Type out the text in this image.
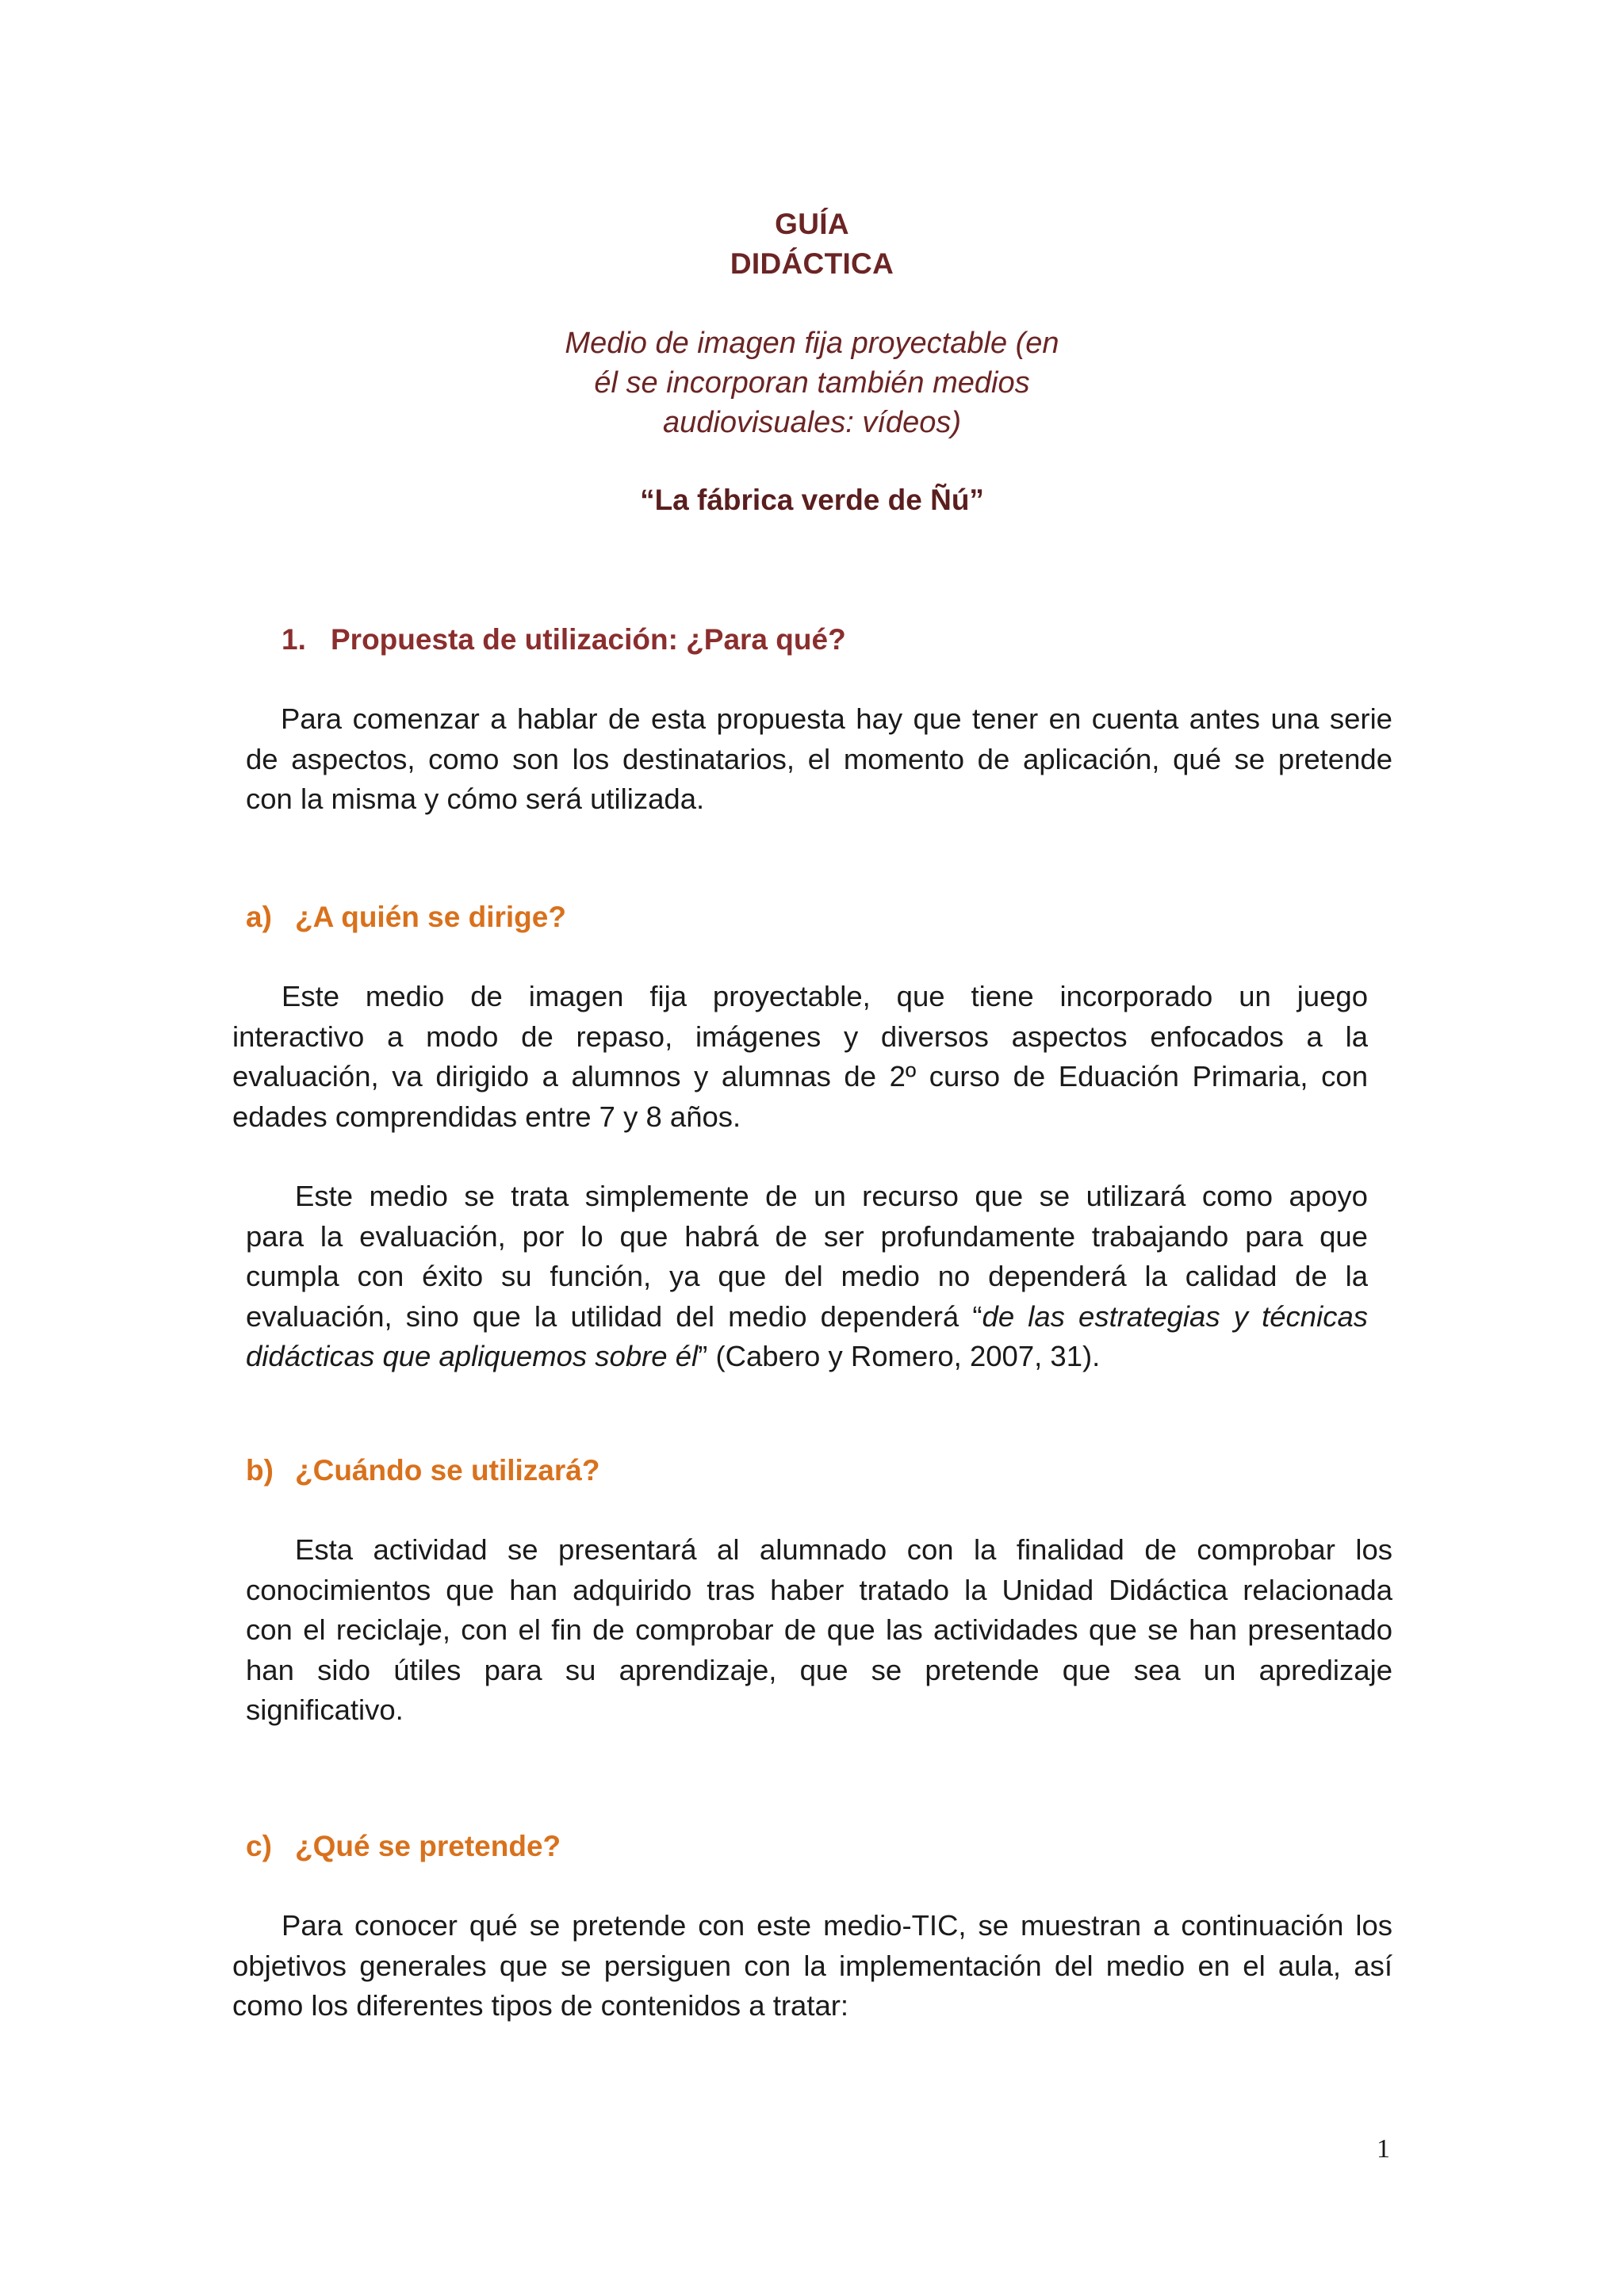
GUÍA
DIDÁCTICA
Medio de imagen fija proyectable (en
él se incorporan también medios
audiovisuales: vídeos)
“La fábrica verde de Ñú”
1. Propuesta de utilización: ¿Para qué?
Para comenzar a hablar de esta propuesta hay que tener en cuenta antes una serie
de aspectos, como son los destinatarios, el momento de aplicación, qué se pretende
con la misma y cómo será utilizada.
a) ¿A quién se dirige?
Este medio de imagen fija proyectable, que tiene incorporado un juego
interactivo a modo de repaso, imágenes y diversos aspectos enfocados a la
evaluación, va dirigido a alumnos y alumnas de 2º curso de Eduación Primaria, con
edades comprendidas entre 7 y 8 años.
Este medio se trata simplemente de un recurso que se utilizará como apoyo
para la evaluación, por lo que habrá de ser profundamente trabajando para que
cumpla con éxito su función, ya que del medio no dependerá la calidad de la
evaluación, sino que la utilidad del medio dependerá “de las estrategias y técnicas
didácticas que apliquemos sobre él” (Cabero y Romero, 2007, 31).
b) ¿Cuándo se utilizará?
Esta actividad se presentará al alumnado con la finalidad de comprobar los
conocimientos que han adquirido tras haber tratado la Unidad Didáctica relacionada
con el reciclaje, con el fin de comprobar de que las actividades que se han presentado
han sido útiles para su aprendizaje, que se pretende que sea un apredizaje
significativo.
c) ¿Qué se pretende?
Para conocer qué se pretende con este medio-TIC, se muestran a continuación los
objetivos generales que se persiguen con la implementación del medio en el aula, así
como los diferentes tipos de contenidos a tratar:
1
